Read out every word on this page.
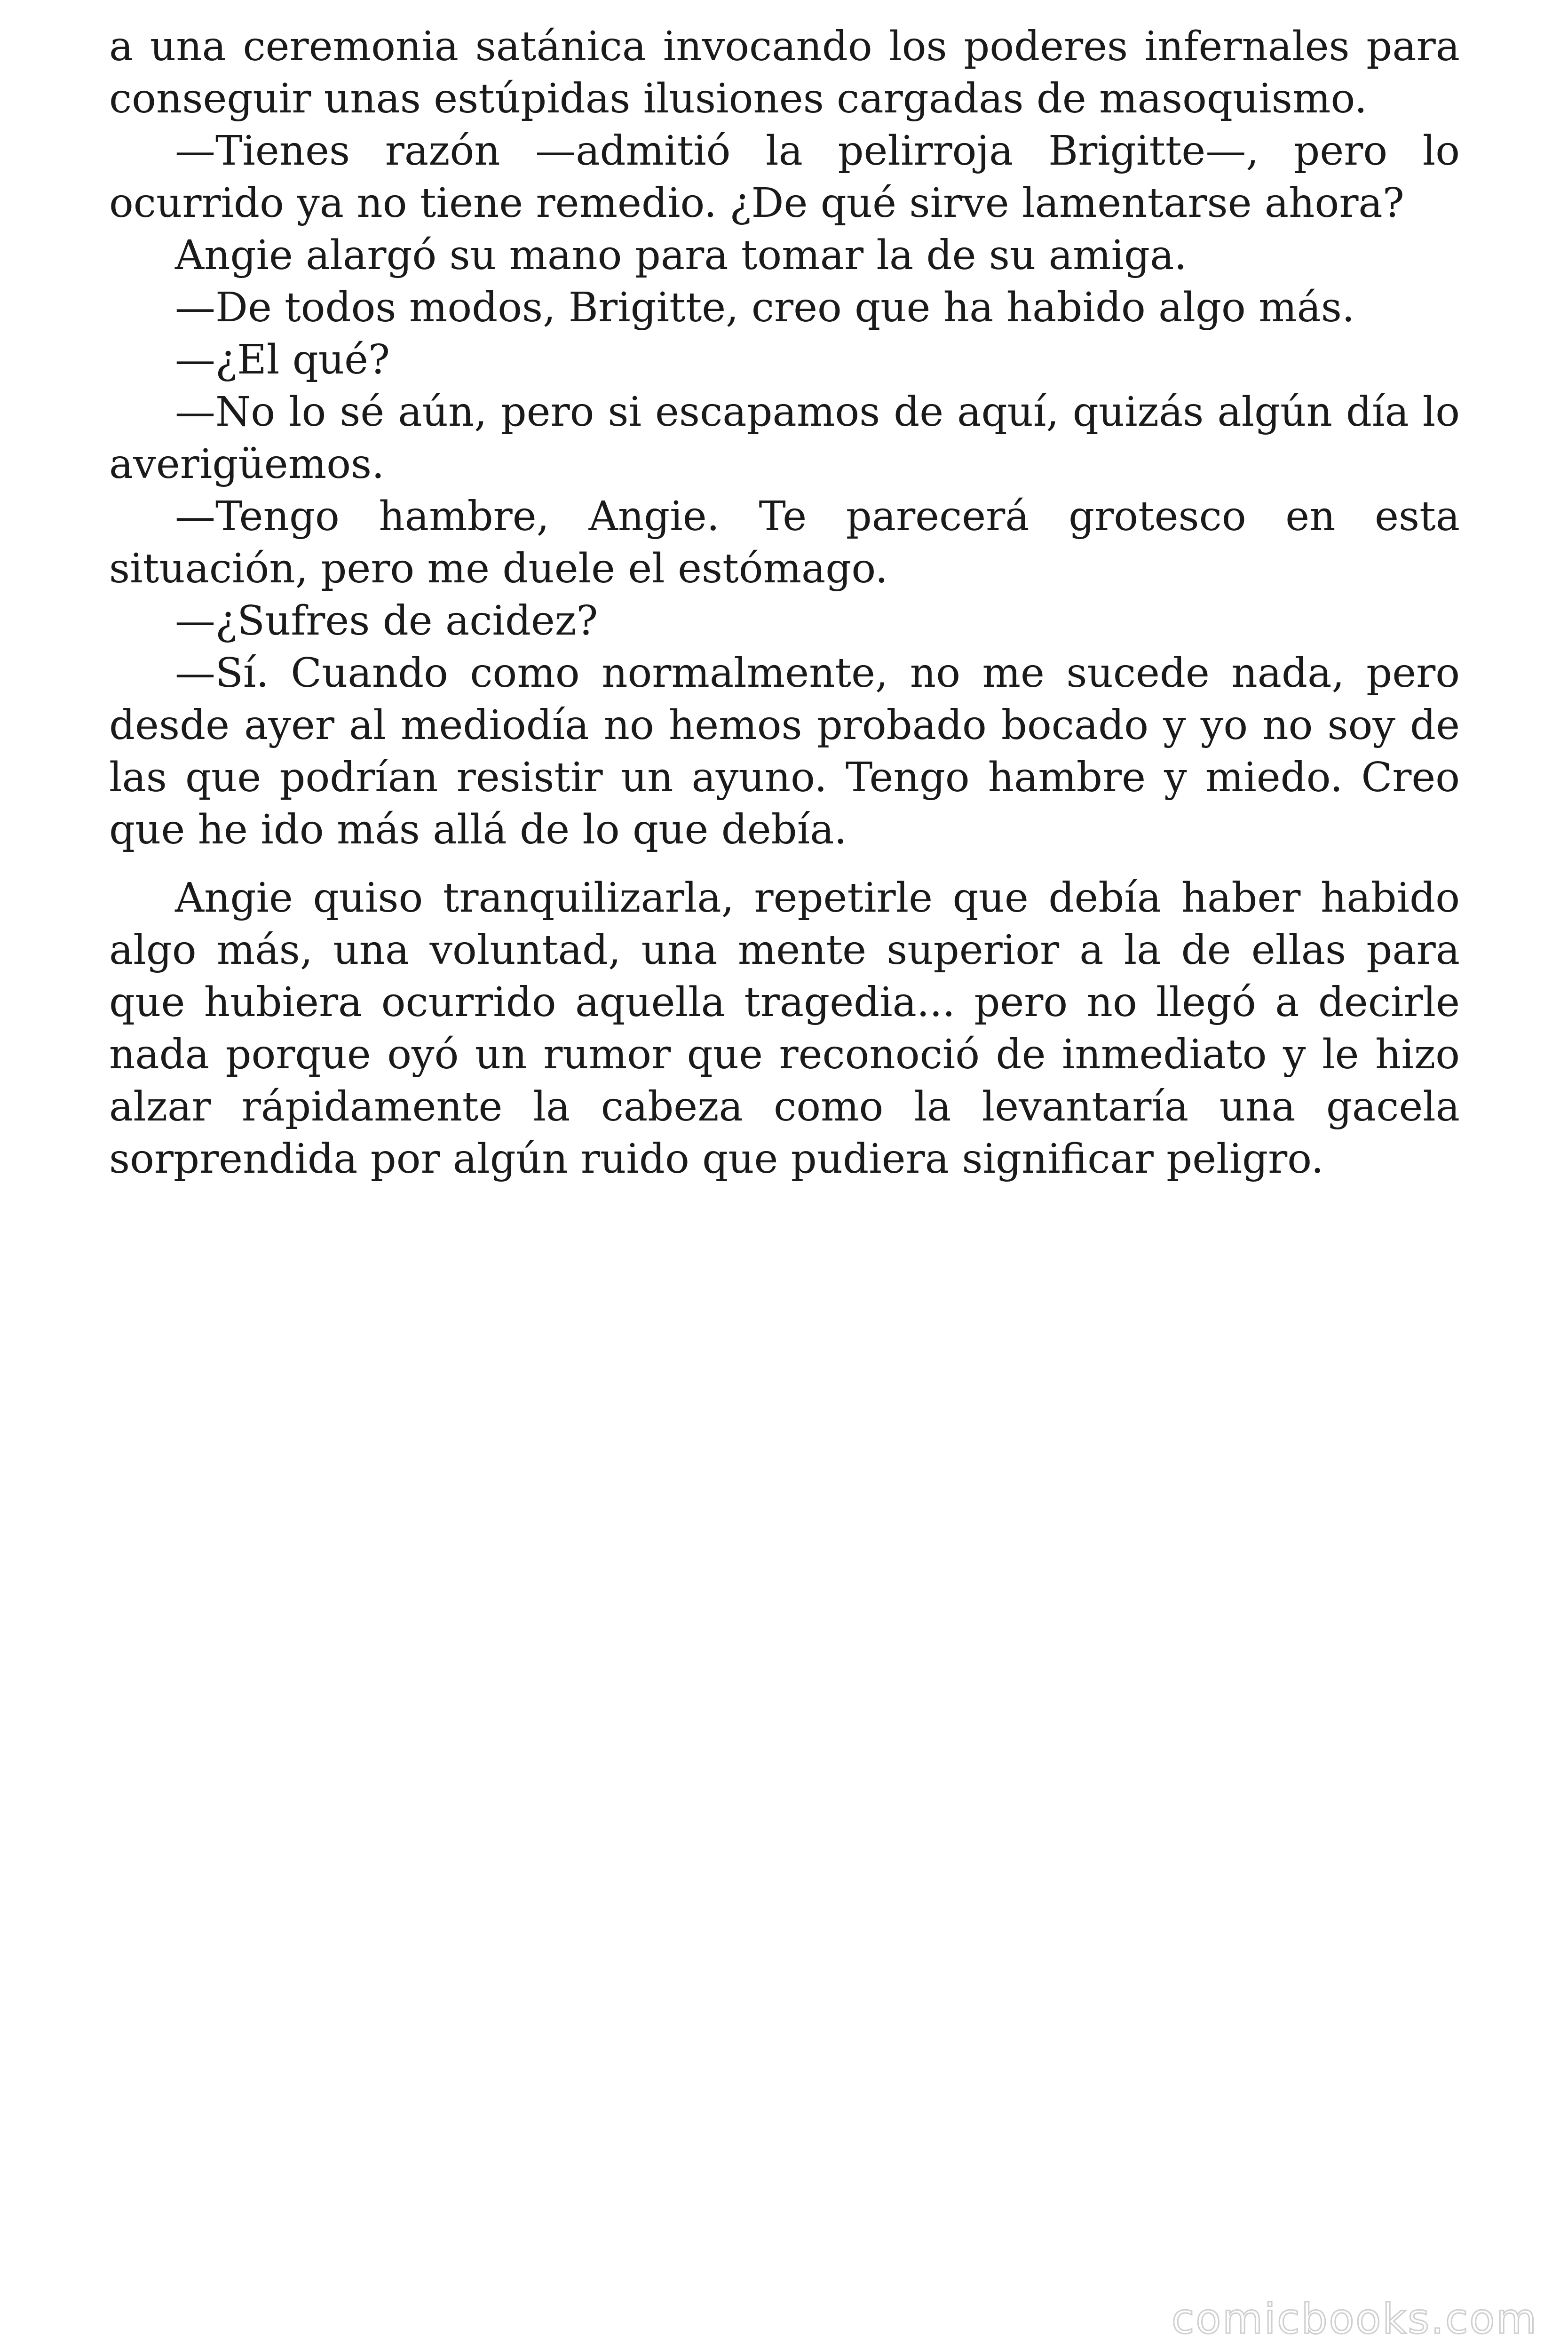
a una ceremonia satánica invocando los poderes infernales para conseguir unas estúpidas ilusiones cargadas de masoquismo.

—Tienes razón —admitió la pelirroja Brigitte—, pero lo ocurrido ya no tiene remedio. ¿De qué sirve lamentarse ahora?

Angie alargó su mano para tomar la de su amiga.

—De todos modos, Brigitte, creo que ha habido algo más.

—¿El qué?

—No lo sé aún, pero si escapamos de aquí, quizás algún día lo averigüemos.

—Tengo hambre, Angie. Te parecerá grotesco en esta situación, pero me duele el estómago.

—¿Sufres de acidez?

—Sí. Cuando como normalmente, no me sucede nada, pero desde ayer al mediodía no hemos probado bocado y yo no soy de las que podrían resistir un ayuno. Tengo hambre y miedo. Creo que he ido más allá de lo que debía.

Angie quiso tranquilizarla, repetirle que debía haber habido algo más, una voluntad, una mente superior a la de ellas para que hubiera ocurrido aquella tragedia... pero no llegó a decirle nada porque oyó un rumor que reconoció de inmediato y le hizo alzar rápidamente la cabeza como la levantaría una gacela sorprendida por algún ruido que pudiera significar peligro.

comicbooks.com
